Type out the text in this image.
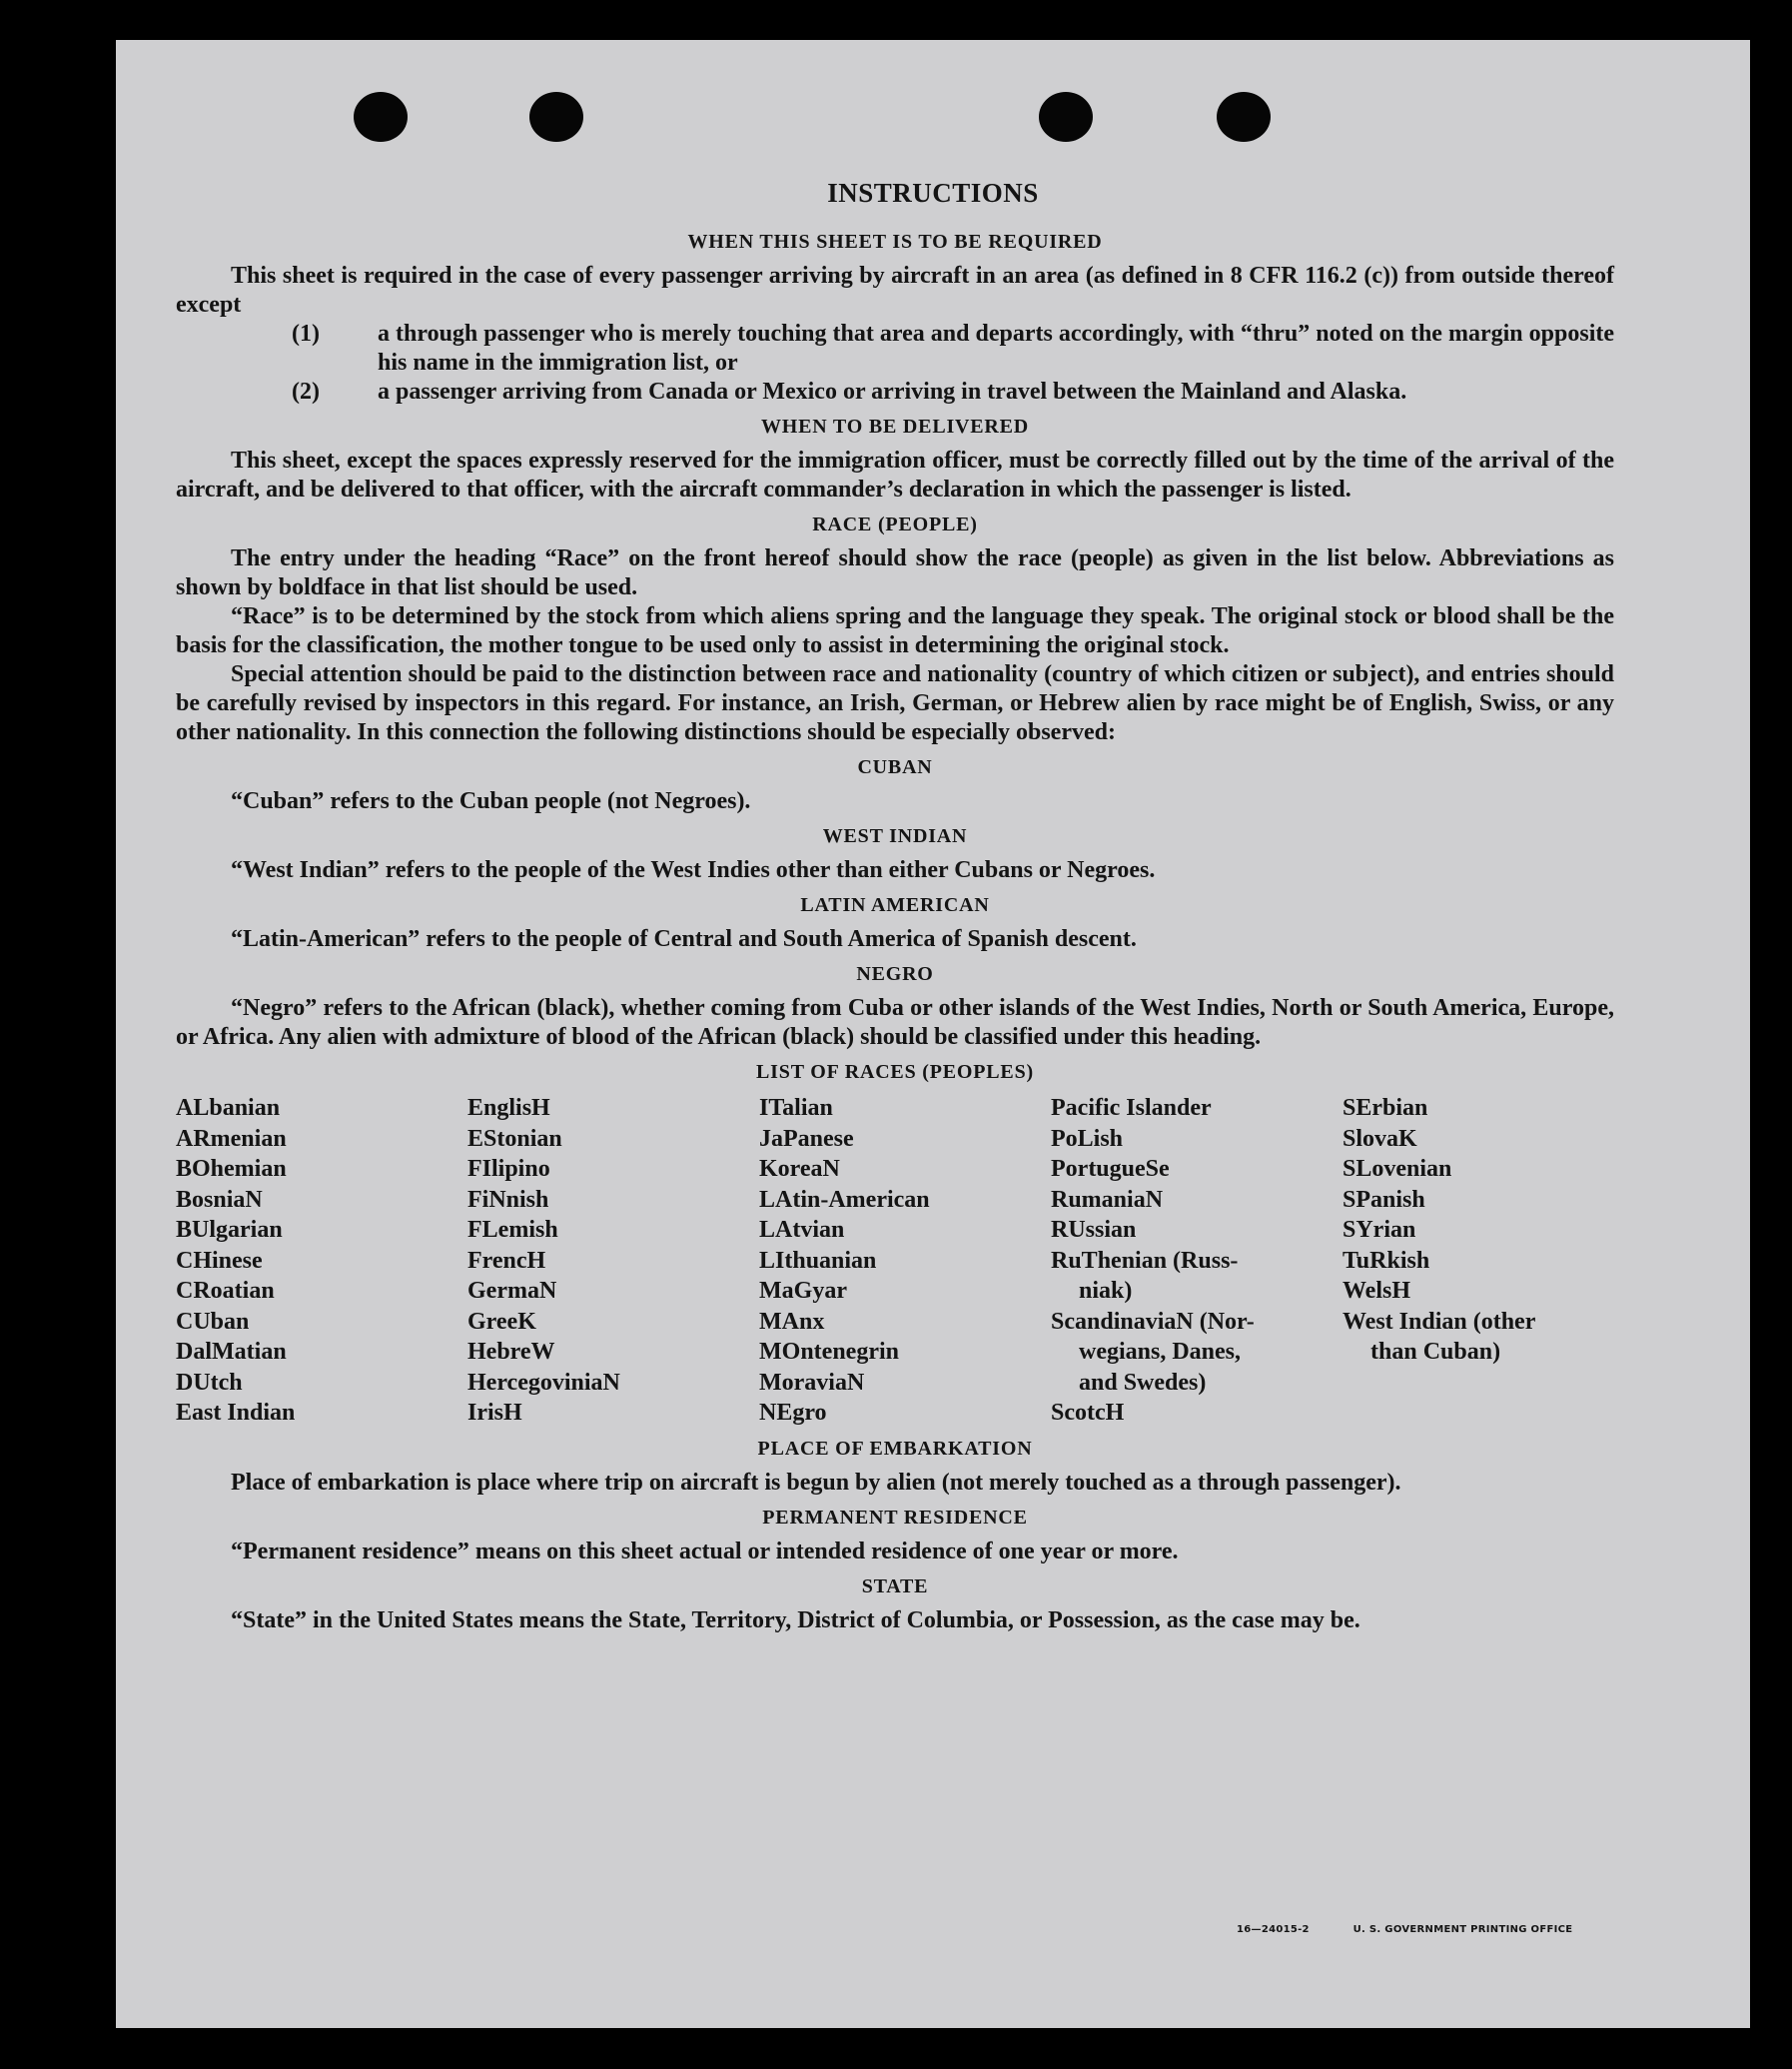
INSTRUCTIONS
WHEN THIS SHEET IS TO BE REQUIRED

This sheet is required in the case of every passenger arriving by aircraft in an area (as defined in 8 CFR 116.2 (c)) from outside thereof except

(1) a through passenger who is merely touching that area and departs accordingly, with “thru” noted on the margin opposite his name in the immigration list, or
(2) a passenger arriving from Canada or Mexico or arriving in travel between the Mainland and Alaska.
WHEN TO BE DELIVERED

This sheet, except the spaces expressly reserved for the immigration officer, must be correctly filled out by the time of the arrival of the aircraft, and be delivered to that officer, with the aircraft commander’s declaration in which the passenger is listed.

RACE (PEOPLE)

The entry under the heading “Race” on the front hereof should show the race (people) as given in the list below. Abbreviations as shown by boldface in that list should be used.

“Race” is to be determined by the stock from which aliens spring and the language they speak. The original stock or blood shall be the basis for the classification, the mother tongue to be used only to assist in determining the original stock.

Special attention should be paid to the distinction between race and nationality (country of which citizen or subject), and entries should be carefully revised by inspectors in this regard. For instance, an Irish, German, or Hebrew alien by race might be of English, Swiss, or any other nationality. In this connection the following distinctions should be especially observed:

CUBAN

“Cuban” refers to the Cuban people (not Negroes).

WEST INDIAN

“West Indian” refers to the people of the West Indies other than either Cubans or Negroes.

LATIN AMERICAN

“Latin-American” refers to the people of Central and South America of Spanish descent.

NEGRO

“Negro” refers to the African (black), whether coming from Cuba or other islands of the West Indies, North or South America, Europe, or Africa. Any alien with admixture of blood of the African (black) should be classified under this heading.

LIST OF RACES (PEOPLES)
ALbanian
ARmenian
BOhemian
BosniaN
BUlgarian
CHinese
CRoatian
CUban
DalMatian
DUtch
East Indian
EnglisH
EStonian
FIlipino
FiNnish
FLemish
FrencH
GermaN
GreeK
HebreW
HercegoviniaN
IrisH
ITalian
JaPanese
KoreaN
LAtin-American
LAtvian
LIthuanian
MaGyar
MAnx
MOntenegrin
MoraviaN
NEgro
Pacific Islander
PoLish
PortugueSe
RumaniaN
RUssian
RuThenian (Russ-
niak)
ScandinaviaN (Nor-
wegians, Danes,
and Swedes)
ScotcH
SErbian
SlovaK
SLovenian
SPanish
SYrian
TuRkish
WelsH
West Indian (other
than Cuban)
PLACE OF EMBARKATION

Place of embarkation is place where trip on aircraft is begun by alien (not merely touched as a through passenger).

PERMANENT RESIDENCE

“Permanent residence” means on this sheet actual or intended residence of one year or more.

STATE

“State” in the United States means the State, Territory, District of Columbia, or Possession, as the case may be.

16—24015-2	U. S. GOVERNMENT PRINTING OFFICE
